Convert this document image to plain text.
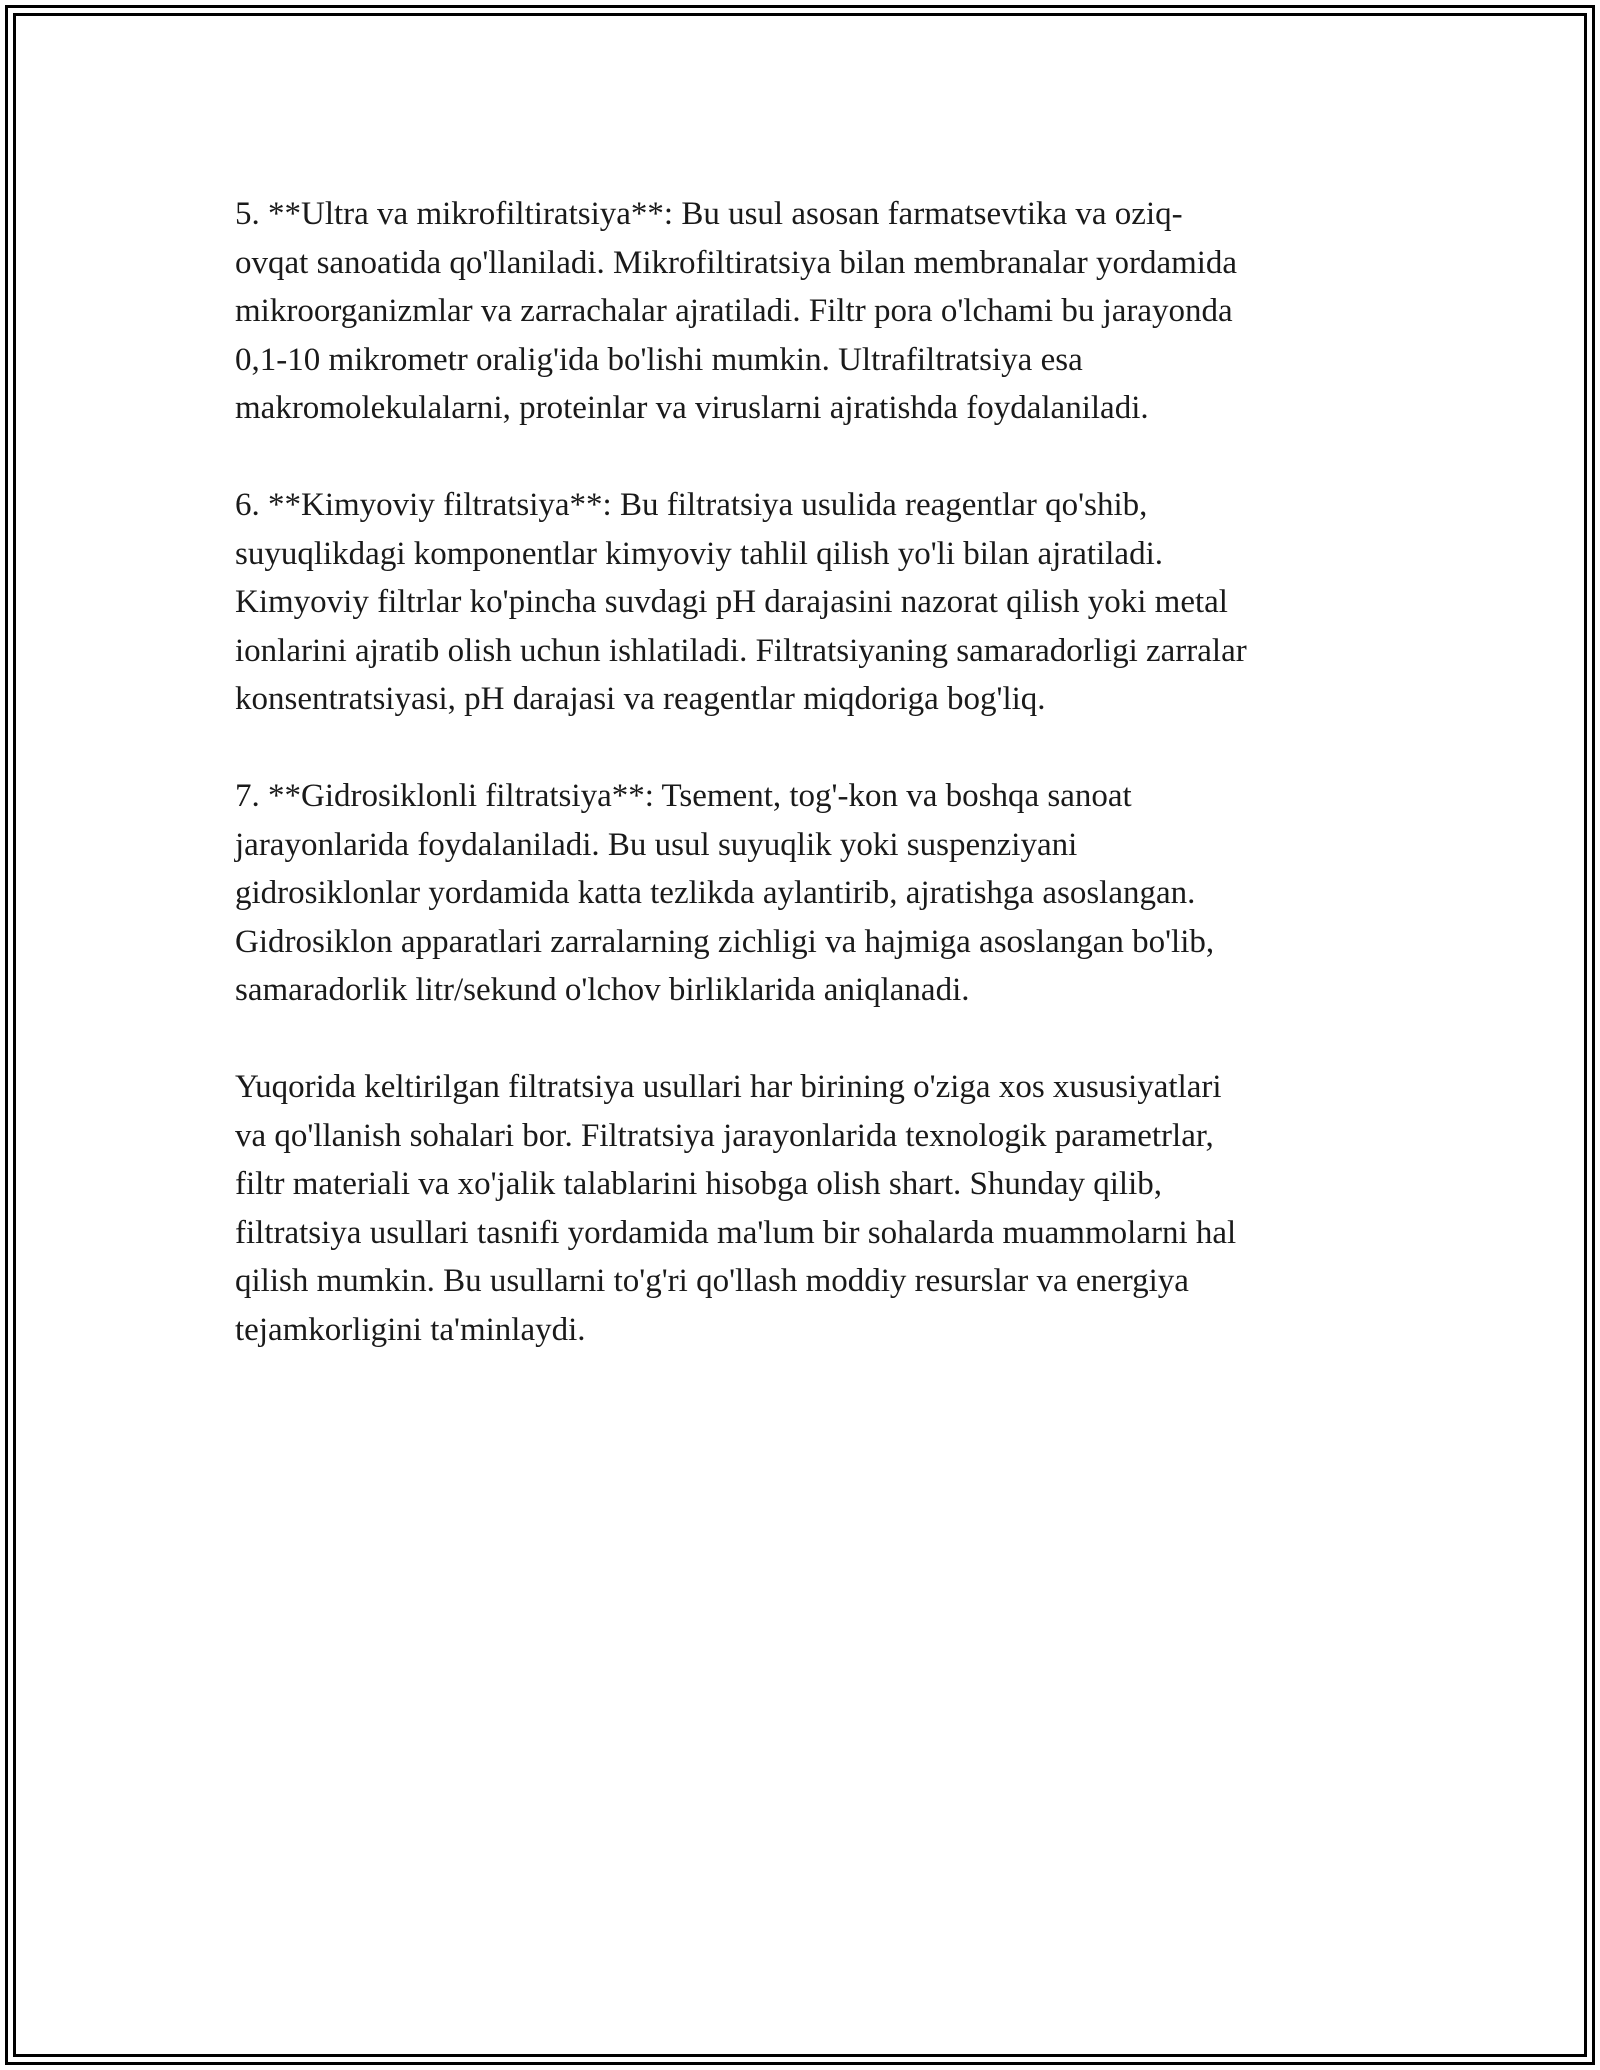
5. **Ultra va mikrofiltiratsiya**: Bu usul asosan farmatsevtika va oziq-
ovqat sanoatida qo'llaniladi. Mikrofiltiratsiya bilan membranalar yordamida
mikroorganizmlar va zarrachalar ajratiladi. Filtr pora o'lchami bu jarayonda
0,1-10 mikrometr oralig'ida bo'lishi mumkin. Ultrafiltratsiya esa
makromolekulalarni, proteinlar va viruslarni ajratishda foydalaniladi.

6. **Kimyoviy filtratsiya**: Bu filtratsiya usulida reagentlar qo'shib,
suyuqlikdagi komponentlar kimyoviy tahlil qilish yo'li bilan ajratiladi.
Kimyoviy filtrlar ko'pincha suvdagi pH darajasini nazorat qilish yoki metal
ionlarini ajratib olish uchun ishlatiladi. Filtratsiyaning samaradorligi zarralar
konsentratsiyasi, pH darajasi va reagentlar miqdoriga bog'liq.

7. **Gidrosiklonli filtratsiya**: Tsement, tog'-kon va boshqa sanoat
jarayonlarida foydalaniladi. Bu usul suyuqlik yoki suspenziyani
gidrosiklonlar yordamida katta tezlikda aylantirib, ajratishga asoslangan.
Gidrosiklon apparatlari zarralarning zichligi va hajmiga asoslangan bo'lib,
samaradorlik litr/sekund o'lchov birliklarida aniqlanadi.

Yuqorida keltirilgan filtratsiya usullari har birining o'ziga xos xususiyatlari
va qo'llanish sohalari bor. Filtratsiya jarayonlarida texnologik parametrlar,
filtr materiali va xo'jalik talablarini hisobga olish shart. Shunday qilib,
filtratsiya usullari tasnifi yordamida ma'lum bir sohalarda muammolarni hal
qilish mumkin. Bu usullarni to'g'ri qo'llash moddiy resurslar va energiya
tejamkorligini ta'minlaydi.
